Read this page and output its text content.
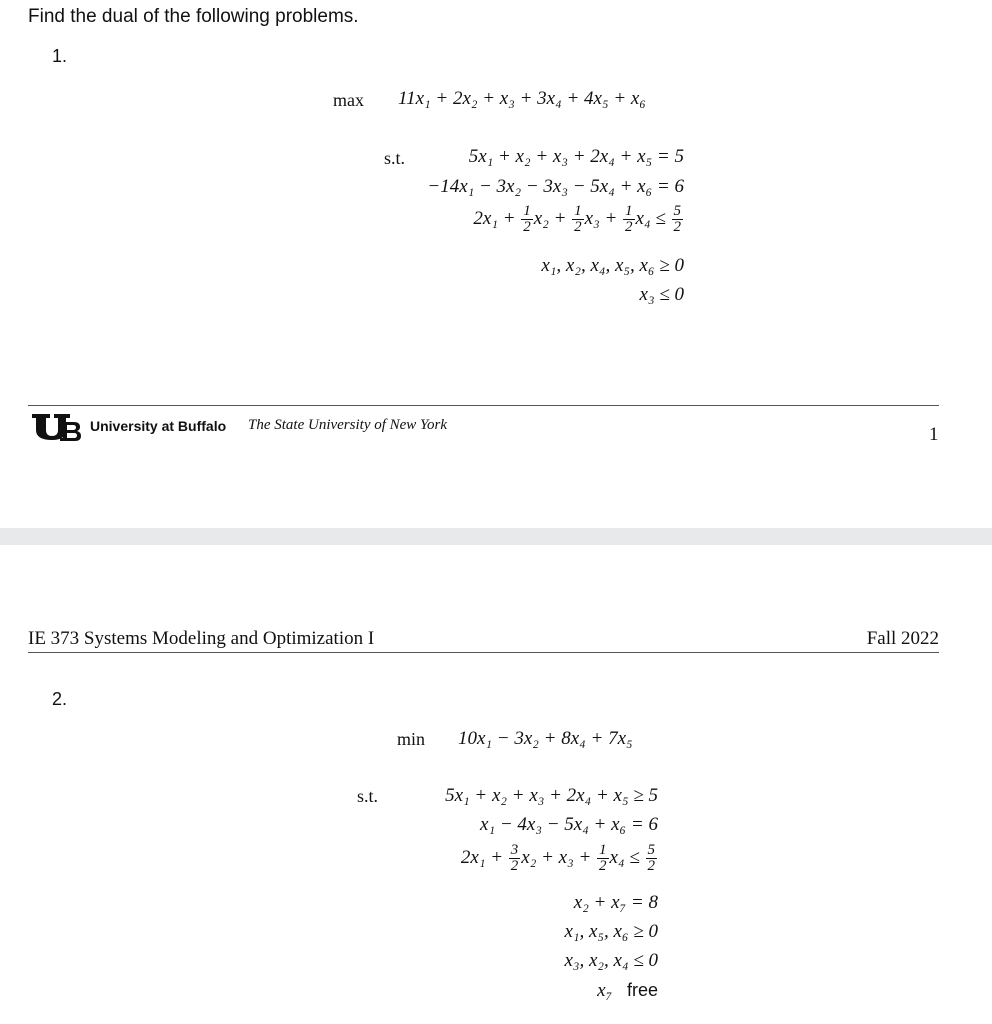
Find the dual of the following problems.
1.
max 11x₁ + 2x₂ + x₃ + 3x₄ + 4x₅ + x₆
s.t.	5x₁ + x₂ + x₃ + 2x₄ + x₅ = 5
−14x₁ − 3x₂ − 3x₃ − 5x₄ + x₆ = 6
$2x_1 + \frac{1}{2} x_2 + \frac{1}{2} x_3 + \frac{1}{2} x_4 \le \frac{5}{2}$
x₁, x₂, x₄, x₅, x₆ ≥ 0
x₃ ≤ 0
University at Buffalo The State University of New York	1
IE 373 Systems Modeling and Optimization I	Fall 2022
2.
min 10x₁ − 3x₂ + 8x₄ + 7x₅
s.t.	5x₁ + x₂ + x₃ + 2x₄ + x₅ ≥ 5
x₁ − 4x₃ − 5x₄ + x₆ = 6
$2x_1 + \frac{3}{2} x_2 + x_3 + \frac{1}{2} x_4 \le \frac{5}{2}$
x₂ + x₇ = 8
x₁, x₅, x₆ ≥ 0
x₃, x₂, x₄ ≤ 0
x₇ free
